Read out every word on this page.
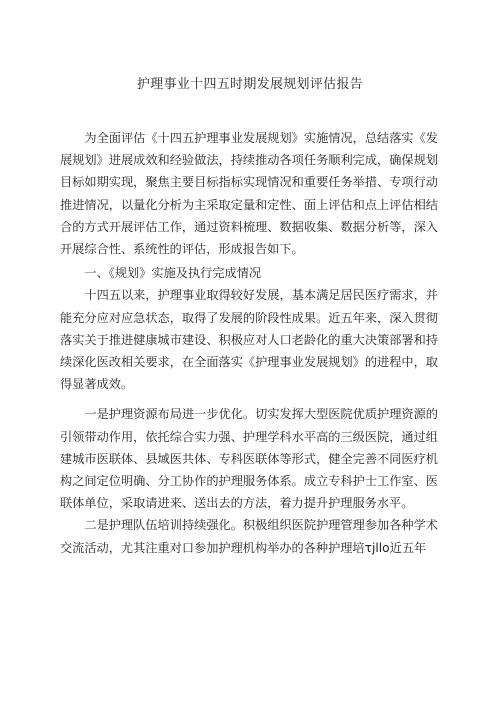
护理事业十四五时期发展规划评估报告

为全面评估《十四五护理事业发展规划》实施情况，总结落实《发展规划》进展成效和经验做法，持续推动各项任务顺利完成，确保规划目标如期实现，聚焦主要目标指标实现情况和重要任务举措、专项行动推进情况，以量化分析为主采取定量和定性、面上评估和点上评估相结合的方式开展评估工作，通过资料梳理、数据收集、数据分析等，深入开展综合性、系统性的评估，形成报告如下。

一、《规划》实施及执行完成情况

十四五以来，护理事业取得较好发展，基本满足居民医疗需求，并能充分应对应急状态，取得了发展的阶段性成果。近五年来，深入贯彻落实关于推进健康城市建设、积极应对人口老龄化的重大决策部署和持续深化医改相关要求，在全面落实《护理事业发展规划》的进程中，取得显著成效。

一是护理资源布局进一步优化。切实发挥大型医院优质护理资源的引领带动作用，依托综合实力强、护理学科水平高的三级医院，通过组建城市医联体、县域医共体、专科医联体等形式，健全完善不同医疗机构之间定位明确、分工协作的护理服务体系。成立专科护士工作室、医联体单位，采取请进来、送出去的方法，着力提升护理服务水平。

二是护理队伍培训持续强化。积极组织医院护理管理参加各种学术交流活动，尤其注重对口参加护理机构举办的各种护理培τjllo近五年
